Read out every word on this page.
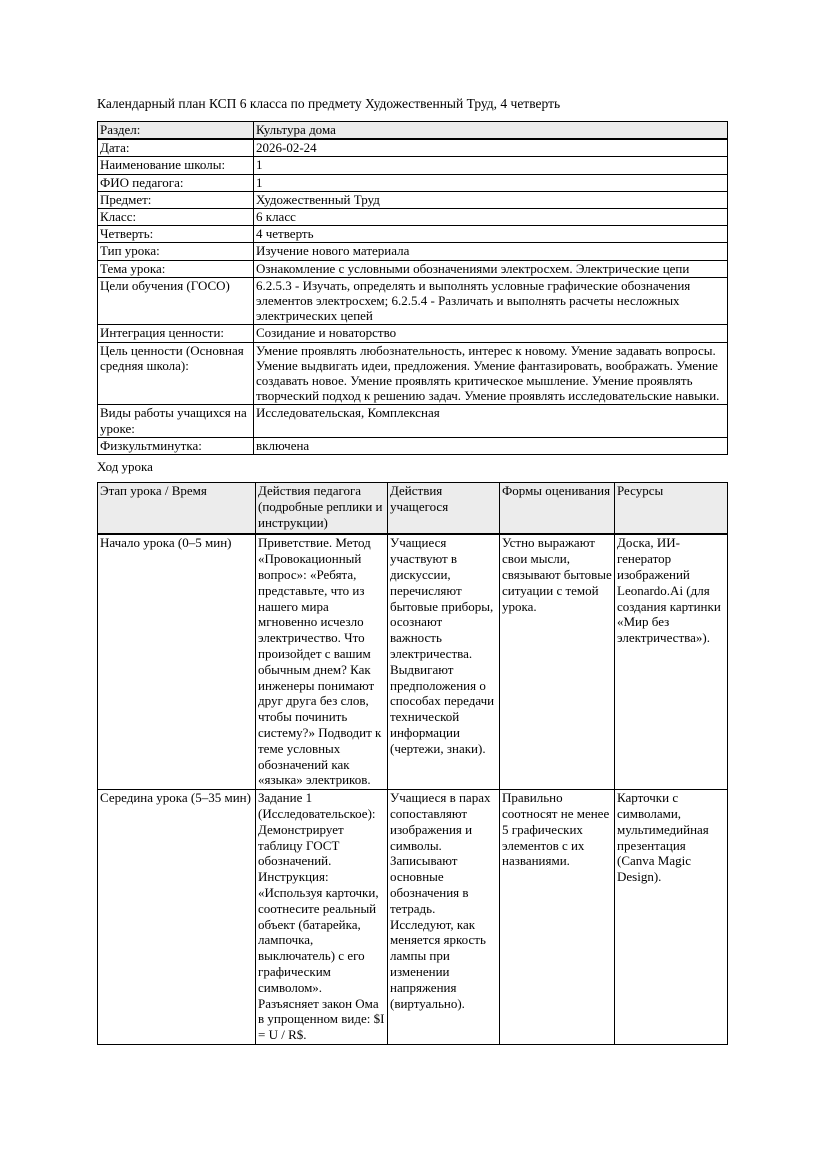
Календарный план КСП 6 класса по предмету Художественный Труд, 4 четверть

Раздел:	Культура дома
Дата:	2026-02-24
Наименование школы:	1
ФИО педагога:	1
Предмет:	Художественный Труд
Класс:	6 класс
Четверть:	4 четверть
Тип урока:	Изучение нового материала
Тема урока:	Ознакомление с условными обозначениями электросхем. Электрические цепи
Цели обучения (ГОСО)	6.2.5.3 - Изучать, определять и выполнять условные графические обозначения элементов электросхем; 6.2.5.4 - Различать и выполнять расчеты несложных электрических цепей
Интеграция ценности:	Созидание и новаторство
Цель ценности (Основная средняя школа):	Умение проявлять любознательность, интерес к новому. Умение задавать вопросы. Умение выдвигать идеи, предложения. Умение фантазировать, воображать. Умение создавать новое. Умение проявлять критическое мышление. Умение проявлять творческий подход к решению задач. Умение проявлять исследовательские навыки.
Виды работы учащихся на уроке:	Исследовательская, Комплексная
Физкультминутка:	включена

Ход урока

Этап урока / Время	Действия педагога (подробные реплики и инструкции)	Действия учащегося	Формы оценивания	Ресурсы
Начало урока (0–5 мин)	Приветствие. Метод «Провокационный вопрос»: «Ребята, представьте, что из нашего мира мгновенно исчезло электричество. Что произойдет с вашим обычным днем? Как инженеры понимают друг друга без слов, чтобы починить систему?» Подводит к теме условных обозначений как «языка» электриков.	Учащиеся участвуют в дискуссии, перечисляют бытовые приборы, осознают важность электричества. Выдвигают предположения о способах передачи технической информации (чертежи, знаки).	Устно выражают свои мысли, связывают бытовые ситуации с темой урока.	Доска, ИИ-генератор изображений Leonardo.Ai (для создания картинки «Мир без электричества»).
Середина урока (5–35 мин)	Задание 1 (Исследовательское): Демонстрирует таблицу ГОСТ обозначений. Инструкция: «Используя карточки, соотнесите реальный объект (батарейка, лампочка, выключатель) с его графическим символом». Разъясняет закон Ома в упрощенном виде: $I = U / R$.	Учащиеся в парах сопоставляют изображения и символы. Записывают основные обозначения в тетрадь. Исследуют, как меняется яркость лампы при изменении напряжения (виртуально).	Правильно соотносят не менее 5 графических элементов с их названиями.	Карточки с символами, мультимедийная презентация (Canva Magic Design).
